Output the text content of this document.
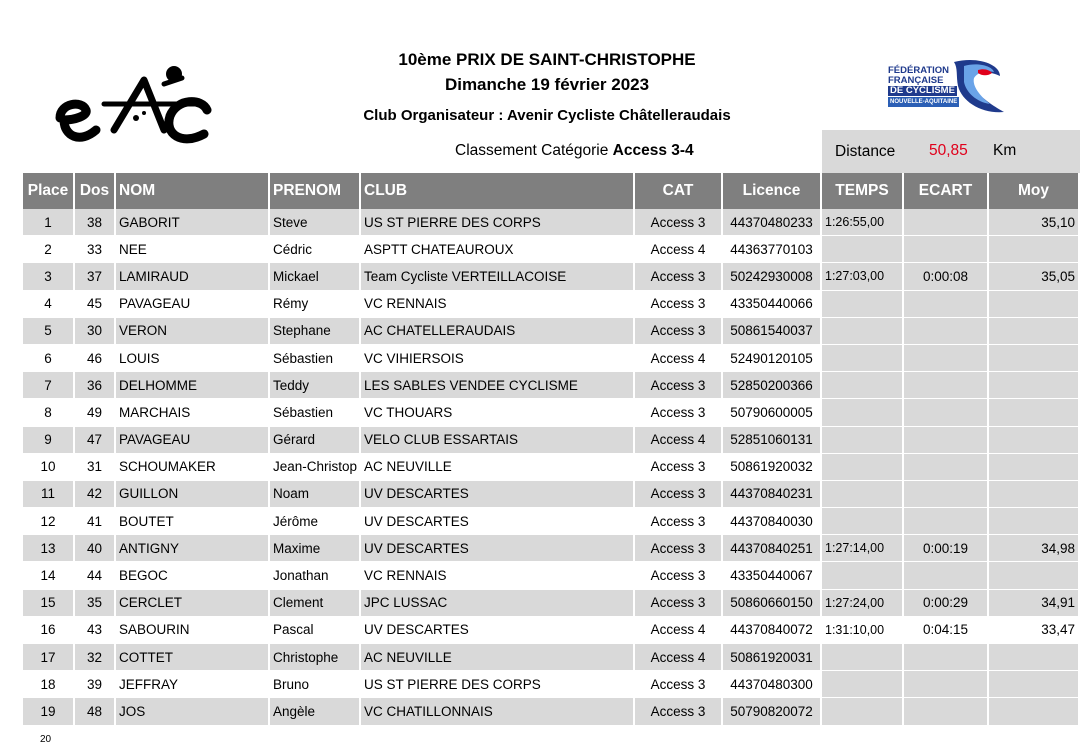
FÉDÉRATION
FRANÇAISE
DE CYCLISME
NOUVELLE-AQUITAINE
10ème PRIX DE SAINT-CHRISTOPHE
Dimanche 19 février 2023
Club Organisateur : Avenir Cycliste Châtelleraudais
Classement Catégorie Access 3-4	Distance 50,85 Km
Place	Dos	NOM	PRENOM	CLUB	CAT	Licence	TEMPS	ECART	Moy
1	38	GABORIT	Steve	US ST PIERRE DES CORPS	Access 3	44370480233	1:26:55,00		35,10
2	33	NEE	Cédric	ASPTT CHATEAUROUX	Access 4	44363770103			
3	37	LAMIRAUD	Mickael	Team Cycliste VERTEILLACOISE	Access 3	50242930008	1:27:03,00	0:00:08	35,05
4	45	PAVAGEAU	Rémy	VC RENNAIS	Access 3	43350440066			
5	30	VERON	Stephane	AC CHATELLERAUDAIS	Access 3	50861540037			
6	46	LOUIS	Sébastien	VC VIHIERSOIS	Access 4	52490120105			
7	36	DELHOMME	Teddy	LES SABLES VENDEE CYCLISME	Access 3	52850200366			
8	49	MARCHAIS	Sébastien	VC THOUARS	Access 3	50790600005			
9	47	PAVAGEAU	Gérard	VELO CLUB ESSARTAIS	Access 4	52851060131			
10	31	SCHOUMAKER	Jean-Christop	AC NEUVILLE	Access 3	50861920032			
11	42	GUILLON	Noam	UV DESCARTES	Access 3	44370840231			
12	41	BOUTET	Jérôme	UV DESCARTES	Access 3	44370840030			
13	40	ANTIGNY	Maxime	UV DESCARTES	Access 3	44370840251	1:27:14,00	0:00:19	34,98
14	44	BEGOC	Jonathan	VC RENNAIS	Access 3	43350440067			
15	35	CERCLET	Clement	JPC LUSSAC	Access 3	50860660150	1:27:24,00	0:00:29	34,91
16	43	SABOURIN	Pascal	UV DESCARTES	Access 4	44370840072	1:31:10,00	0:04:15	33,47
17	32	COTTET	Christophe	AC NEUVILLE	Access 4	50861920031			
18	39	JEFFRAY	Bruno	US ST PIERRE DES CORPS	Access 3	44370480300			
19	48	JOS	Angèle	VC CHATILLONNAIS	Access 3	50790820072			
20
